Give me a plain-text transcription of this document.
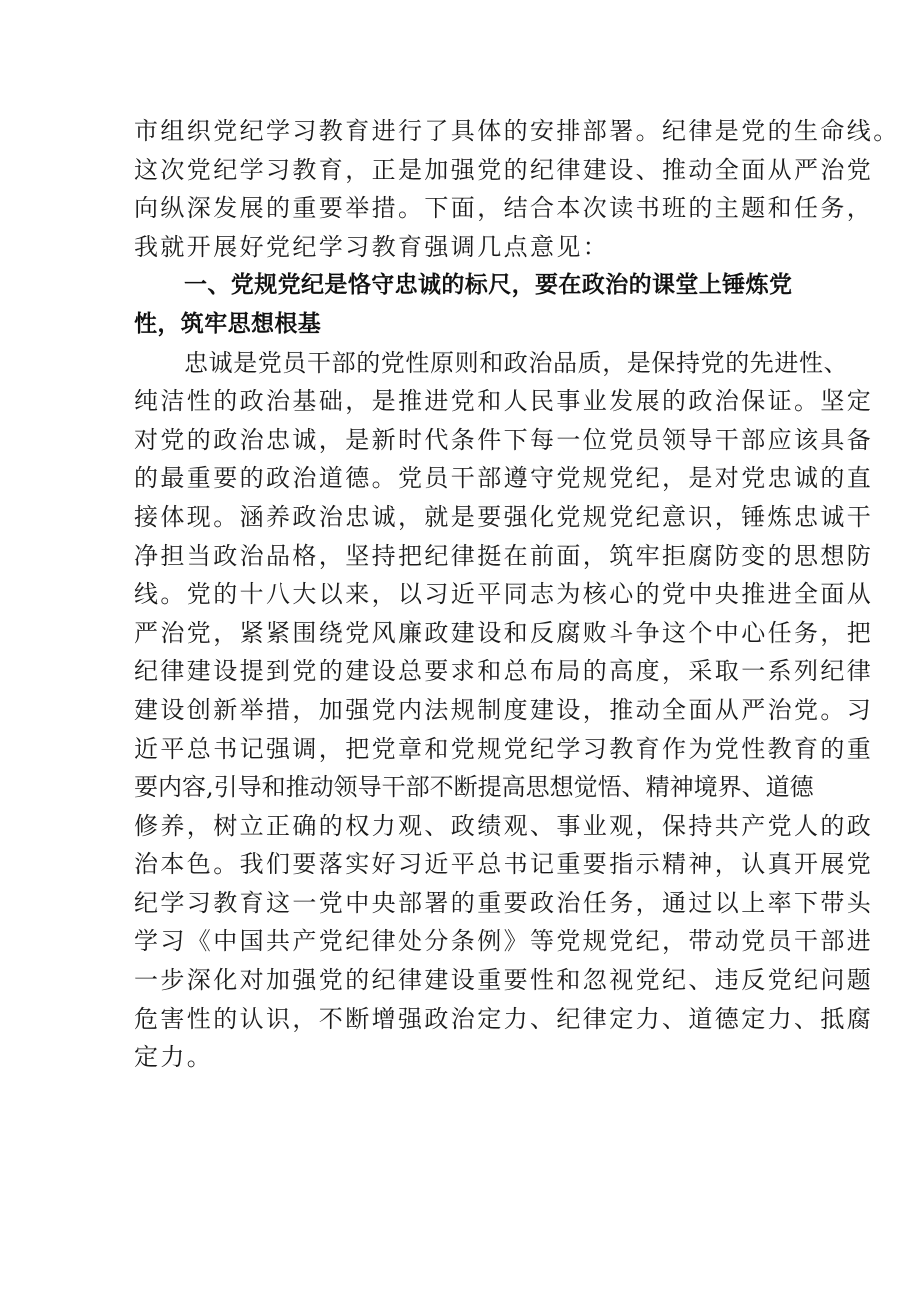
市组织党纪学习教育进行了具体的安排部署。纪律是党的生命线。
这次党纪学习教育，正是加强党的纪律建设、推动全面从严治党
向纵深发展的重要举措。下面，结合本次读书班的主题和任务，
我就开展好党纪学习教育强调几点意见：
一、党规党纪是恪守忠诚的标尺，要在政治的课堂上锤炼党
性，筑牢思想根基
忠诚是党员干部的党性原则和政治品质，是保持党的先进性、
纯洁性的政治基础，是推进党和人民事业发展的政治保证。坚定
对党的政治忠诚，是新时代条件下每一位党员领导干部应该具备
的最重要的政治道德。党员干部遵守党规党纪，是对党忠诚的直
接体现。涵养政治忠诚，就是要强化党规党纪意识，锤炼忠诚干
净担当政治品格，坚持把纪律挺在前面，筑牢拒腐防变的思想防
线。党的十八大以来，以习近平同志为核心的党中央推进全面从
严治党，紧紧围绕党风廉政建设和反腐败斗争这个中心任务，把
纪律建设提到党的建设总要求和总布局的高度，采取一系列纪律
建设创新举措，加强党内法规制度建设，推动全面从严治党。习
近平总书记强调，把党章和党规党纪学习教育作为党性教育的重
要内容,引导和推动领导干部不断提高思想觉悟、精神境界、道德
修养，树立正确的权力观、政绩观、事业观，保持共产党人的政
治本色。我们要落实好习近平总书记重要指示精神，认真开展党
纪学习教育这一党中央部署的重要政治任务，通过以上率下带头
学习《中国共产党纪律处分条例》等党规党纪，带动党员干部进
一步深化对加强党的纪律建设重要性和忽视党纪、违反党纪问题
危害性的认识，不断增强政治定力、纪律定力、道德定力、抵腐
定力。
